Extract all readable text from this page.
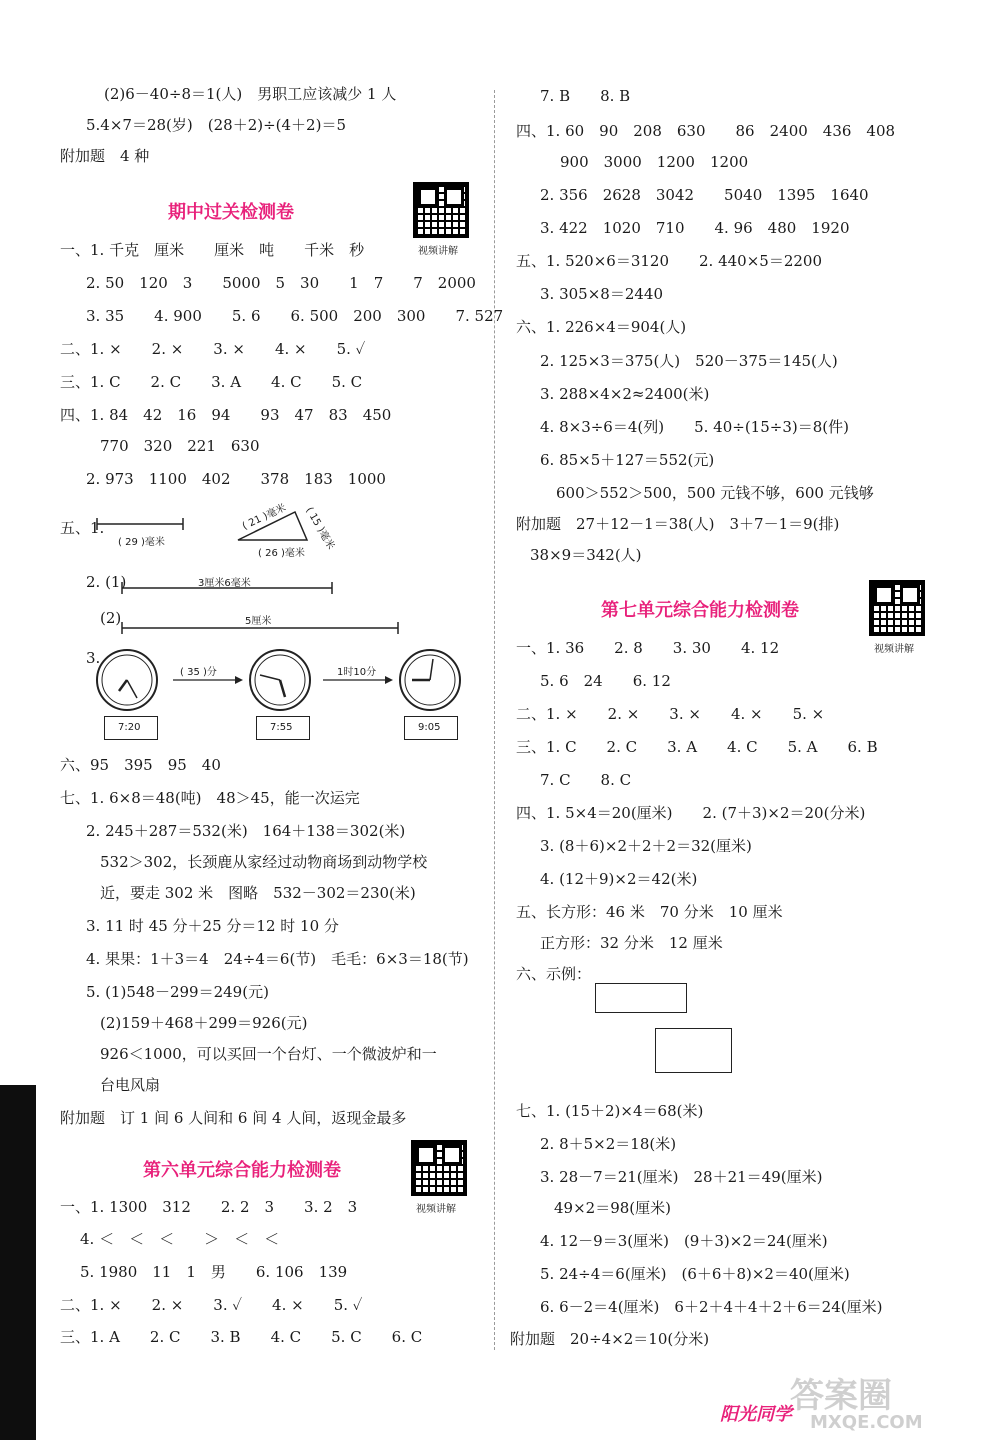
(2)6－40÷8＝1(人)　男职工应该减少 1 人
5.4×7＝28(岁)　(28＋2)÷(4＋2)＝5
附加题　4 种
期中过关检测卷
视频讲解
一、1. 千克　厘米　　厘米　吨　　千米　秒
2. 50　120　3　　5000　5　30　　1　7　　7　2000
3. 35　　4. 900　　5. 6　　6. 500　200　300　　7. 527
二、1. ×　　2. ×　　3. ×　　4. ×　　5. ✓
三、1. C　　2. C　　3. A　　4. C　　5. C
四、1. 84　42　16　94　　93　47　83　450
770　320　221　630
2. 973　1100　402　　378　183　1000
五、1.
( 29 )毫米
( 21 )毫米 ( 15 )毫米
( 26 )毫米
2. (1)	3厘米6毫米
(2)	5厘米
3.
( 35 )分	1时10分
7:20	7:55	9:05
六、95　395　95　40
七、1. 6×8＝48(吨)　48＞45，能一次运完
2. 245＋287＝532(米)　164＋138＝302(米)
532＞302，长颈鹿从家经过动物商场到动物学校
近，要走 302 米　图略　532－302＝230(米)
3. 11 时 45 分＋25 分＝12 时 10 分
4. 果果：1＋3＝4　24÷4＝6(节)　毛毛：6×3＝18(节)
5. (1)548－299＝249(元)
(2)159＋468＋299＝926(元)
926＜1000，可以买回一个台灯、一个微波炉和一
台电风扇
附加题　订 1 间 6 人间和 6 间 4 人间，返现金最多
第六单元综合能力检测卷
视频讲解
一、1. 1300　312　　2. 2　3　　3. 2　3
4. ＜　＜　＜　　＞　＜　＜
5. 1980　11　1　男　　6. 106　139
二、1. ×　　2. ×　　3. ✓　　4. ×　　5. ✓
三、1. A　　2. C　　3. B　　4. C　　5. C　　6. C
7. B　　8. B
四、1. 60　90　208　630　　86　2400　436　408
900　3000　1200　1200
2. 356　2628　3042　　5040　1395　1640
3. 422　1020　710　　4. 96　480　1920
五、1. 520×6＝3120　　2. 440×5＝2200
3. 305×8＝2440
六、1. 226×4＝904(人)
2. 125×3＝375(人)　520－375＝145(人)
3. 288×4×2≈2400(米)
4. 8×3÷6＝4(列)　　5. 40÷(15÷3)＝8(件)
6. 85×5＋127＝552(元)
600＞552＞500，500 元钱不够，600 元钱够
附加题　27＋12－1＝38(人)　3＋7－1＝9(排)
38×9＝342(人)
第七单元综合能力检测卷
视频讲解
一、1. 36　　2. 8　　3. 30　　4. 12
5. 6　24　　6. 12
二、1. ×　　2. ×　　3. ×　　4. ×　　5. ×
三、1. C　　2. C　　3. A　　4. C　　5. A　　6. B
7. C　　8. C
四、1. 5×4＝20(厘米)　　2. (7＋3)×2＝20(分米)
3. (8＋6)×2＋2＋2＝32(厘米)
4. (12＋9)×2＝42(米)
五、长方形：46 米　70 分米　10 厘米
正方形：32 分米　12 厘米
六、示例：
七、1. (15＋2)×4＝68(米)
2. 8＋5×2＝18(米)
3. 28－7＝21(厘米)　28＋21＝49(厘米)
49×2＝98(厘米)
4. 12－9＝3(厘米)　(9＋3)×2＝24(厘米)
5. 24÷4＝6(厘米)　(6＋6＋8)×2＝40(厘米)
6. 6－2＝4(厘米)　6＋2＋4＋4＋2＋6＝24(厘米)
附加题　20÷4×2＝10(分米)
阳光同学
答案圈
MXQE.COM
